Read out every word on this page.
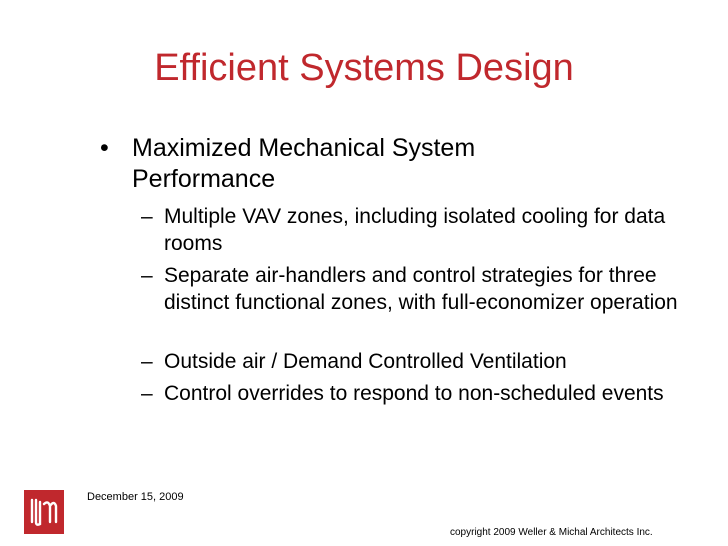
Efficient Systems Design
• Maximized Mechanical System Performance
– Multiple VAV zones, including isolated cooling for data rooms
– Separate air-handlers and control strategies for three distinct functional zones, with full-economizer operation
– Outside air / Demand Controlled Ventilation
– Control overrides to respond to non-scheduled events
December 15, 2009
copyright 2009 Weller & Michal Architects Inc.
